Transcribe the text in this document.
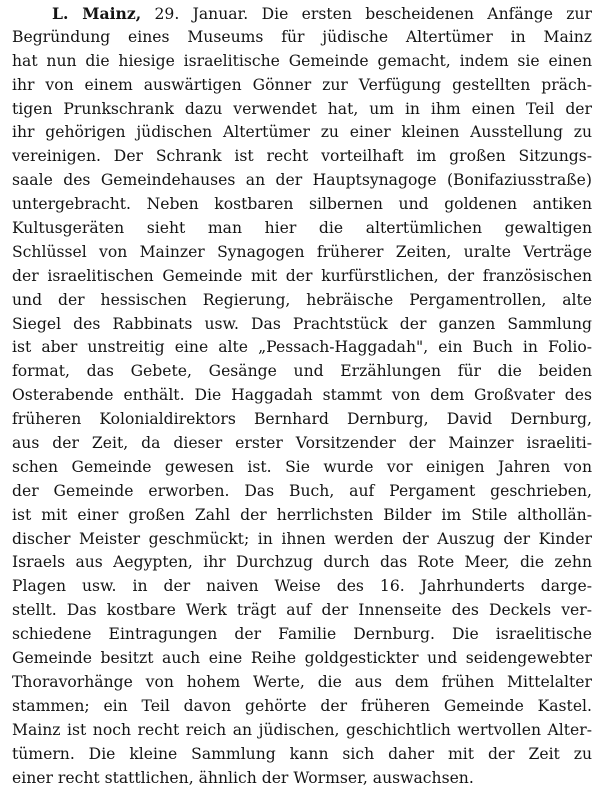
L. Mainz, 29. Januar. Die ersten bescheidenen Anfänge zur
Begründung eines Museums für jüdische Altertümer in Mainz
hat nun die hiesige israelitische Gemeinde gemacht, indem sie einen
ihr von einem auswärtigen Gönner zur Verfügung gestellten präch-
tigen Prunkschrank dazu verwendet hat, um in ihm einen Teil der
ihr gehörigen jüdischen Altertümer zu einer kleinen Ausstellung zu
vereinigen. Der Schrank ist recht vorteilhaft im großen Sitzungs-
saale des Gemeindehauses an der Hauptsynagoge (Bonifaziusstraße)
untergebracht. Neben kostbaren silbernen und goldenen antiken
Kultusgeräten sieht man hier die altertümlichen gewaltigen
Schlüssel von Mainzer Synagogen früherer Zeiten, uralte Verträge
der israelitischen Gemeinde mit der kurfürstlichen, der französischen
und der hessischen Regierung, hebräische Pergamentrollen, alte
Siegel des Rabbinats usw. Das Prachtstück der ganzen Sammlung
ist aber unstreitig eine alte „Pessach-Haggadah", ein Buch in Folio-
format, das Gebete, Gesänge und Erzählungen für die beiden
Osterabende enthält. Die Haggadah stammt von dem Großvater des
früheren Kolonialdirektors Bernhard Dernburg, David Dernburg,
aus der Zeit, da dieser erster Vorsitzender der Mainzer israeliti-
schen Gemeinde gewesen ist. Sie wurde vor einigen Jahren von
der Gemeinde erworben. Das Buch, auf Pergament geschrieben,
ist mit einer großen Zahl der herrlichsten Bilder im Stile althollän-
discher Meister geschmückt; in ihnen werden der Auszug der Kinder
Israels aus Aegypten, ihr Durchzug durch das Rote Meer, die zehn
Plagen usw. in der naiven Weise des 16. Jahrhunderts darge-
stellt. Das kostbare Werk trägt auf der Innenseite des Deckels ver-
schiedene Eintragungen der Familie Dernburg. Die israelitische
Gemeinde besitzt auch eine Reihe goldgestickter und seidengewebter
Thoravorhänge von hohem Werte, die aus dem frühen Mittelalter
stammen; ein Teil davon gehörte der früheren Gemeinde Kastel.
Mainz ist noch recht reich an jüdischen, geschichtlich wertvollen Alter-
tümern. Die kleine Sammlung kann sich daher mit der Zeit zu
einer recht stattlichen, ähnlich der Wormser, auswachsen.
